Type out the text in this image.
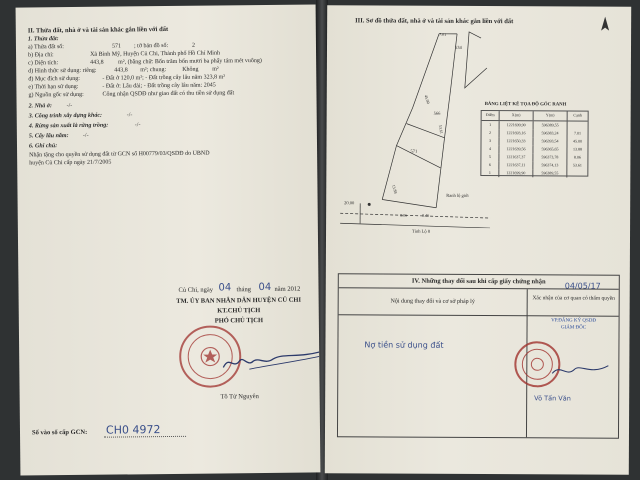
II. Thửa đất, nhà ở và tài sản khác gắn liền với đất
1. Thửa đất:
a) Thửa đất số:	571 ; tờ bản đồ số:	2
b) Địa chỉ:	Xã Bình Mỹ, Huyện Củ Chi, Thành phố Hồ Chí Minh
c) Diện tích:	443,8 m², (bằng chữ: Bốn trăm bốn mươi ba phẩy tám mét vuông)
d) Hình thức sử dụng: riêng:	443,8 m²; chung:	Không m²
đ) Mục đích sử dụng:	- Đất ở 120,0 m²; - Đất trồng cây lâu năm 323,8 m²
e) Thời hạn sử dụng:	- Đất ở: Lâu dài; - Đất trồng cây lâu năm: 2045
g) Nguồn gốc sử dụng:	Công nhận QSDĐ như giao đất có thu tiền sử dụng đất
2. Nhà ở: -/-
3. Công trình xây dựng khác:	-/-
4. Rừng sản xuất là rừng trồng:	-/-
5. Cây lâu năm: -/-
6. Ghi chú:
Nhận tặng cho quyền sử dụng đất từ GCN số H00779/03/QSDĐ do UBND
huyện Củ Chi cấp ngày 21/7/2005
Củ Chi, ngày 04 tháng 04 năm 2012
TM. ỦY BAN NHÂN DÂN HUYỆN CỦ CHI
KT.CHỦ TỊCH
PHÓ CHỦ TỊCH
Tô Tử Nguyên
Số vào sổ cấp GCN: CH0 4972
III. Sơ đồ thửa đất, nhà ở và tài sản khác gắn liền với đất
534
566
571
45.00
53.61
13.88
8.06
7.01
8.46
20.00
Ranh lộ giới
Tỉnh Lộ 8
BẢNG LIỆT KÊ TỌA ĐỘ GÓC RANH
Điểm	X(m)	Y(m)	Cạnh
1	1221699,90	596389,55
2	1221693,16	596383,24	7.01
3	1221650,33	596393,54	45.00
4	1221639,56	596365,65	13.88
5	1221637,37	596373,78	8.06
6	1221637,11	596374,13	53.61
1	1221699,90	596389,55
IV. Những thay đổi sau khi cấp giấy chứng nhận
Nội dung thay đổi và cơ sở pháp lý
Xác nhận của cơ quan có thẩm quyền
Nợ tiền sử dụng đất
04/05/17
VP.ĐĂNG KÝ QSDĐ
GIÁM ĐỐC
Võ Tấn Văn
